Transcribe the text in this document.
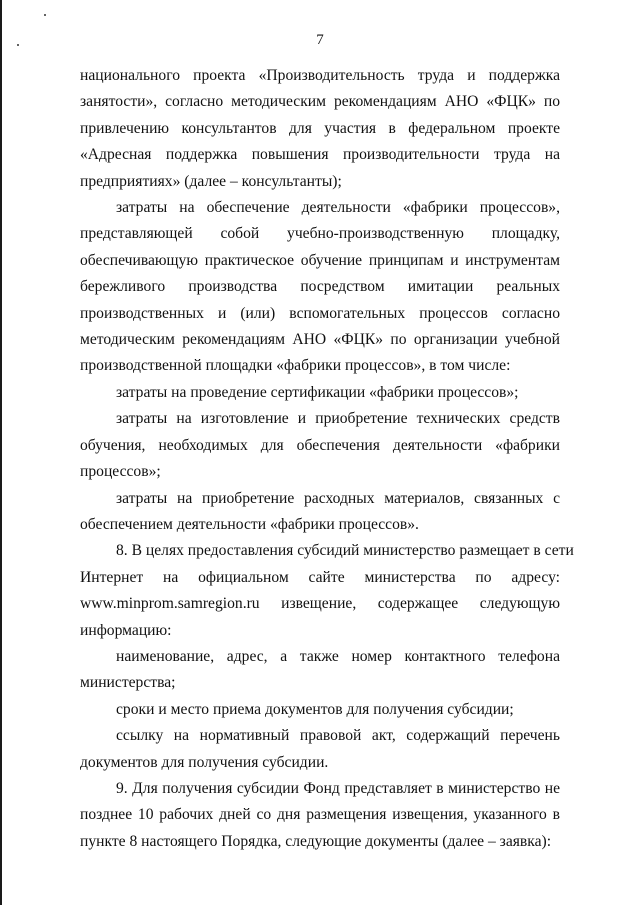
7
национального проекта «Производительность труда и поддержка
занятости», согласно методическим рекомендациям АНО «ФЦК» по
привлечению консультантов для участия в федеральном проекте
«Адресная поддержка повышения производительности труда на
предприятиях» (далее – консультанты);
затраты на обеспечение деятельности «фабрики процессов»,
представляющей собой учебно-производственную площадку,
обеспечивающую практическое обучение принципам и инструментам
бережливого производства посредством имитации реальных
производственных и (или) вспомогательных процессов согласно
методическим рекомендациям АНО «ФЦК» по организации учебной
производственной площадки «фабрики процессов», в том числе:
затраты на проведение сертификации «фабрики процессов»;
затраты на изготовление и приобретение технических средств
обучения, необходимых для обеспечения деятельности «фабрики
процессов»;
затраты на приобретение расходных материалов, связанных с
обеспечением деятельности «фабрики процессов».
8. В целях предоставления субсидий министерство размещает в сети
Интернет на официальном сайте министерства по адресу:
www.minprom.samregion.ru извещение, содержащее следующую
информацию:
наименование, адрес, а также номер контактного телефона
министерства;
сроки и место приема документов для получения субсидии;
ссылку на нормативный правовой акт, содержащий перечень
документов для получения субсидии.
9. Для получения субсидии Фонд представляет в министерство не
позднее 10 рабочих дней со дня размещения извещения, указанного в
пункте 8 настоящего Порядка, следующие документы (далее – заявка):
